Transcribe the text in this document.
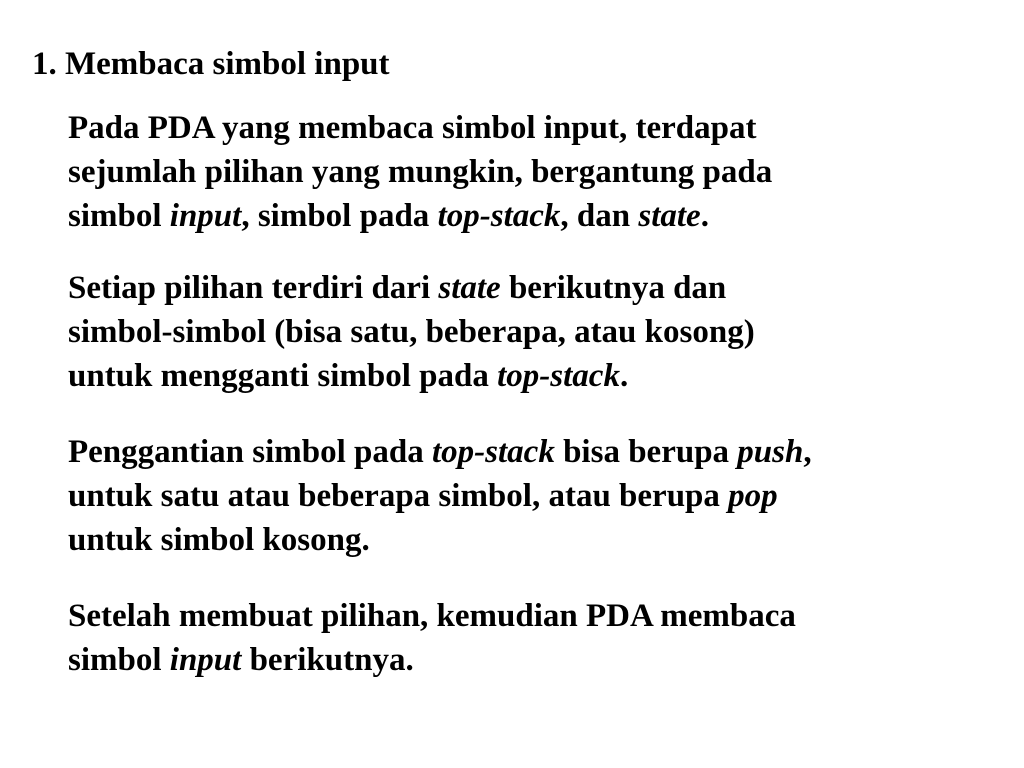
1. Membaca simbol input

Pada PDA yang membaca simbol input, terdapat
sejumlah pilihan yang mungkin, bergantung pada
simbol input, simbol pada top-stack, dan state.

Setiap pilihan terdiri dari state berikutnya dan
simbol-simbol (bisa satu, beberapa, atau kosong)
untuk mengganti simbol pada top-stack.

Penggantian simbol pada top-stack bisa berupa push,
untuk satu atau beberapa simbol, atau berupa pop
untuk simbol kosong.

Setelah membuat pilihan, kemudian PDA membaca
simbol input berikutnya.
